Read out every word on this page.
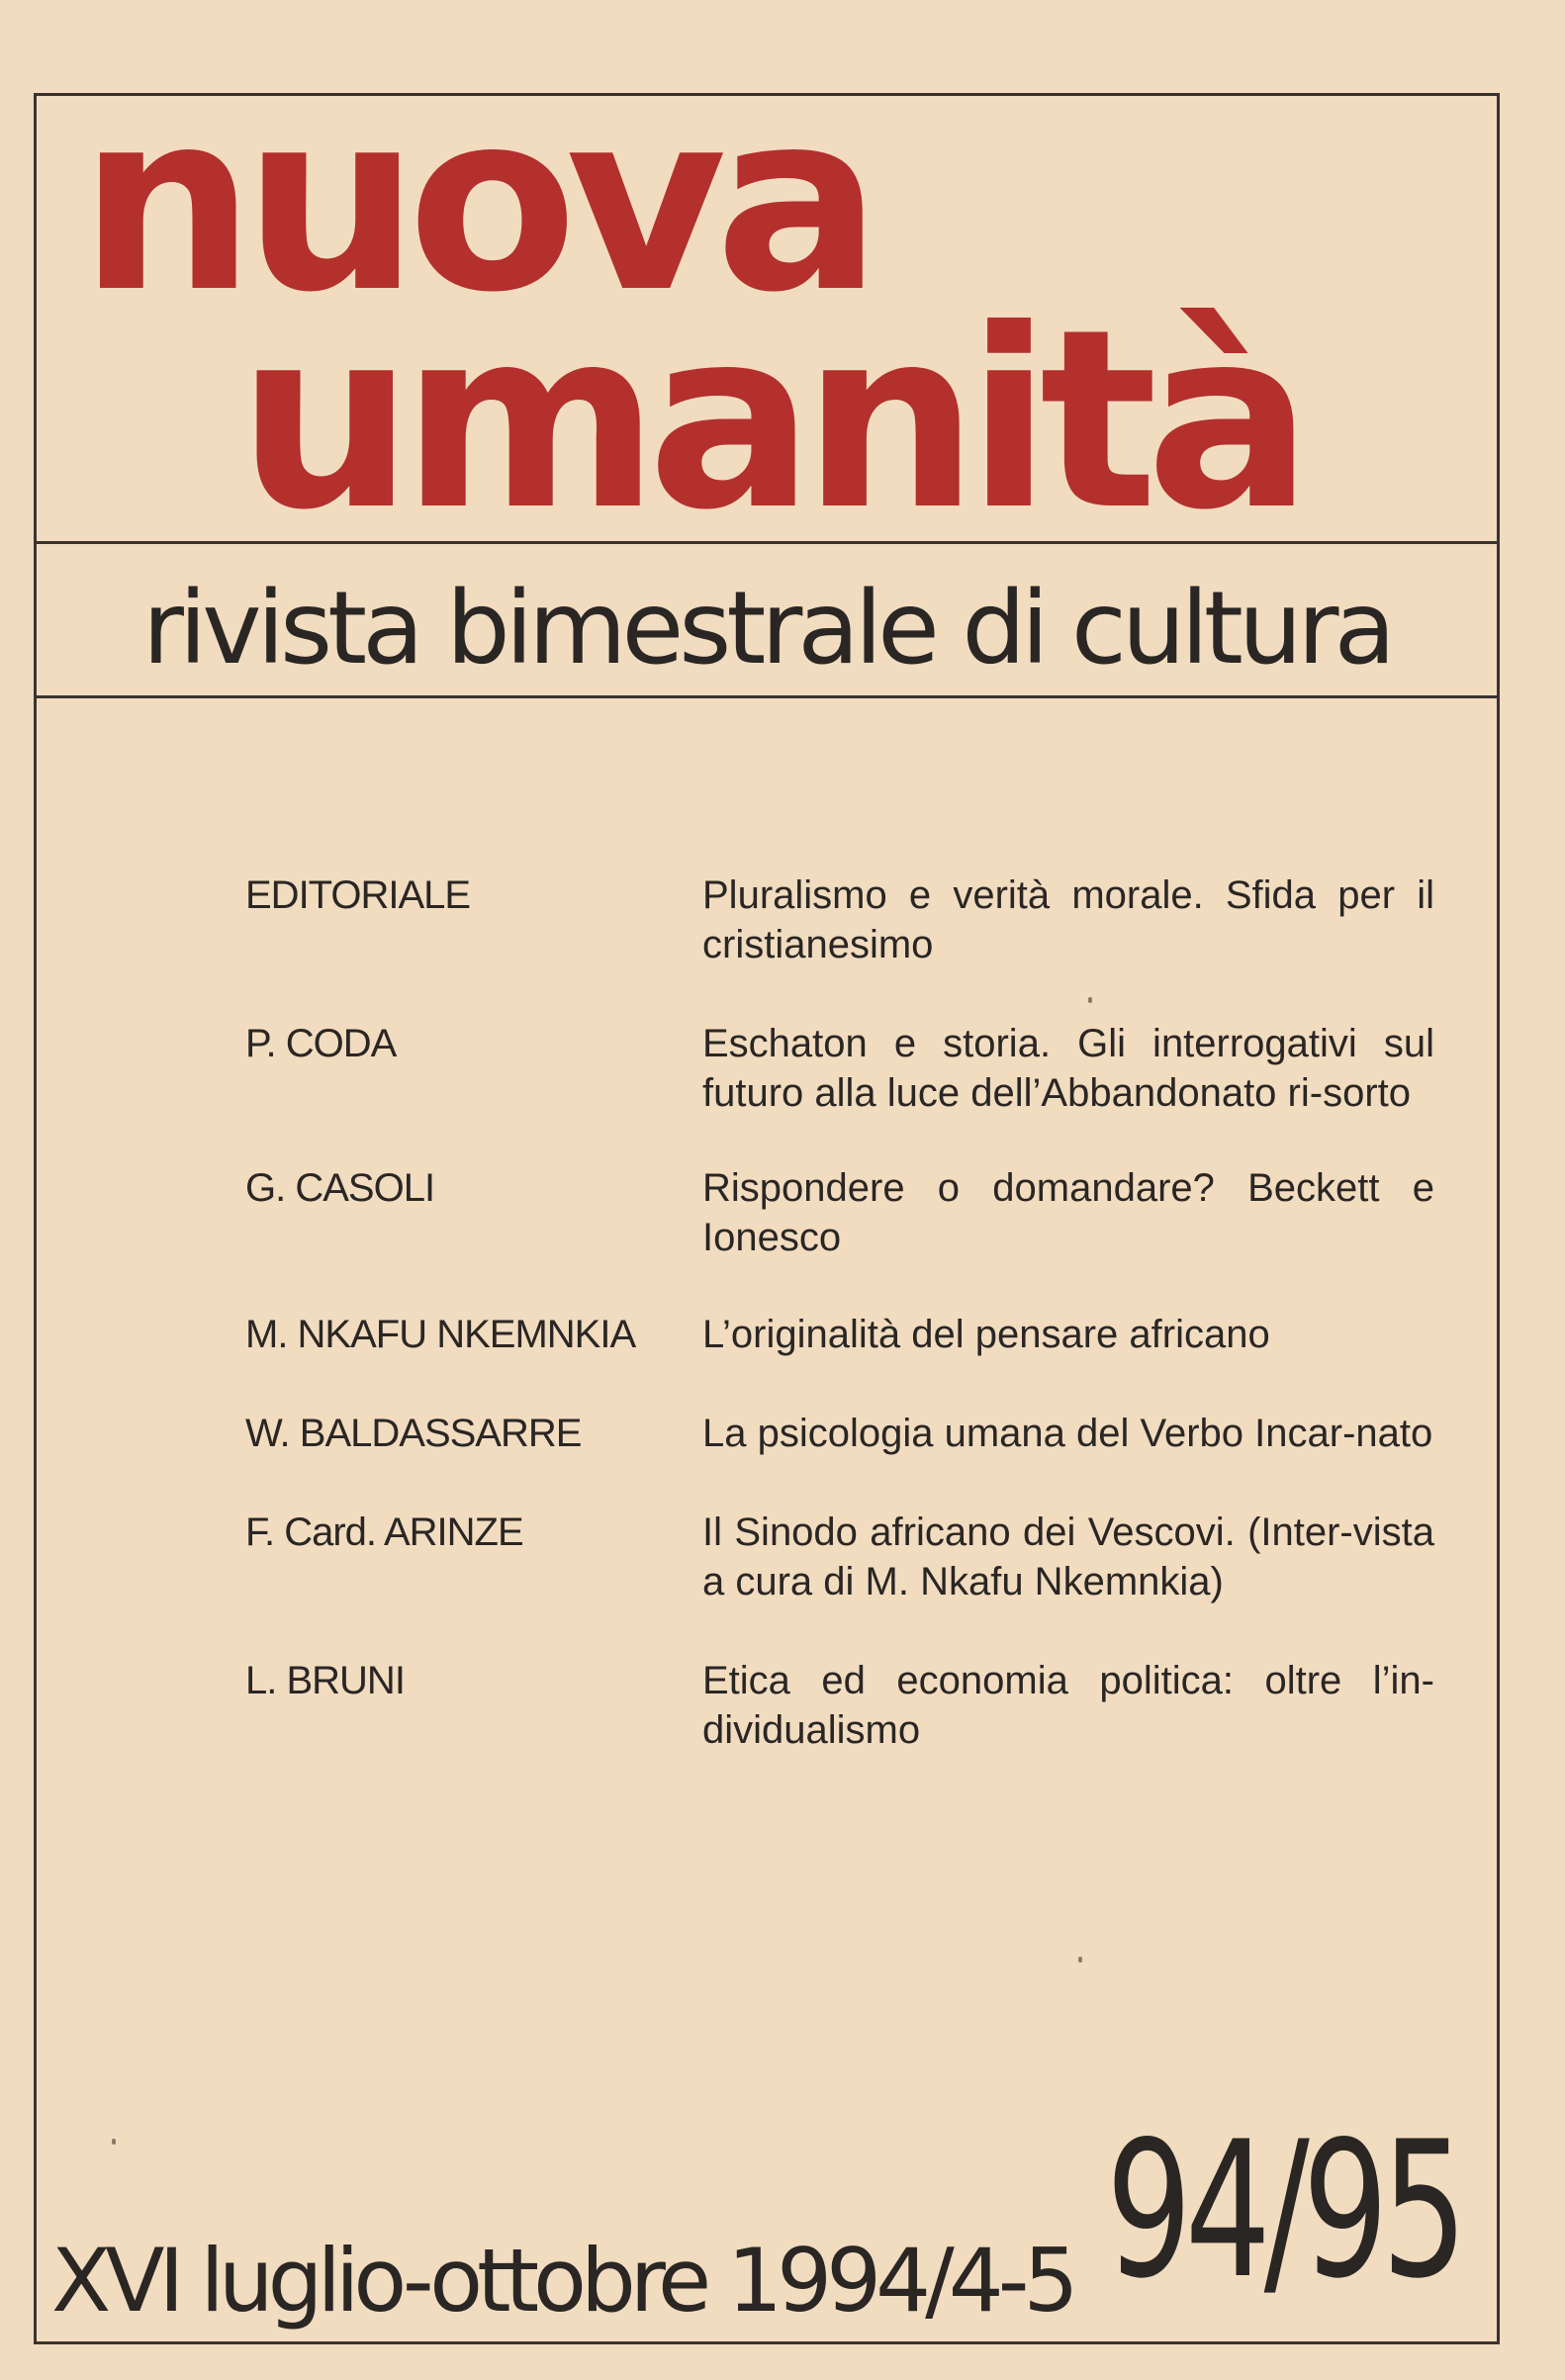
nuova
umanità
rivista bimestrale di cultura
EDITORIALE	Pluralismo e verità morale. Sfida per il cristianesimo
P. CODA	Eschaton e storia. Gli interrogativi sul futuro alla luce dell’Abbandonato ri-sorto
G. CASOLI	Rispondere o domandare? Beckett e Ionesco
M. NKAFU NKEMNKIA	L’originalità del pensare africano
W. BALDASSARRE	La psicologia umana del Verbo Incar-nato
F. Card. ARINZE	Il Sinodo africano dei Vescovi. (Inter-vista a cura di M. Nkafu Nkemnkia)
L. BRUNI	Etica ed economia politica: oltre l’in-dividualismo
XVI luglio-ottobre 1994/4-5 94/95
